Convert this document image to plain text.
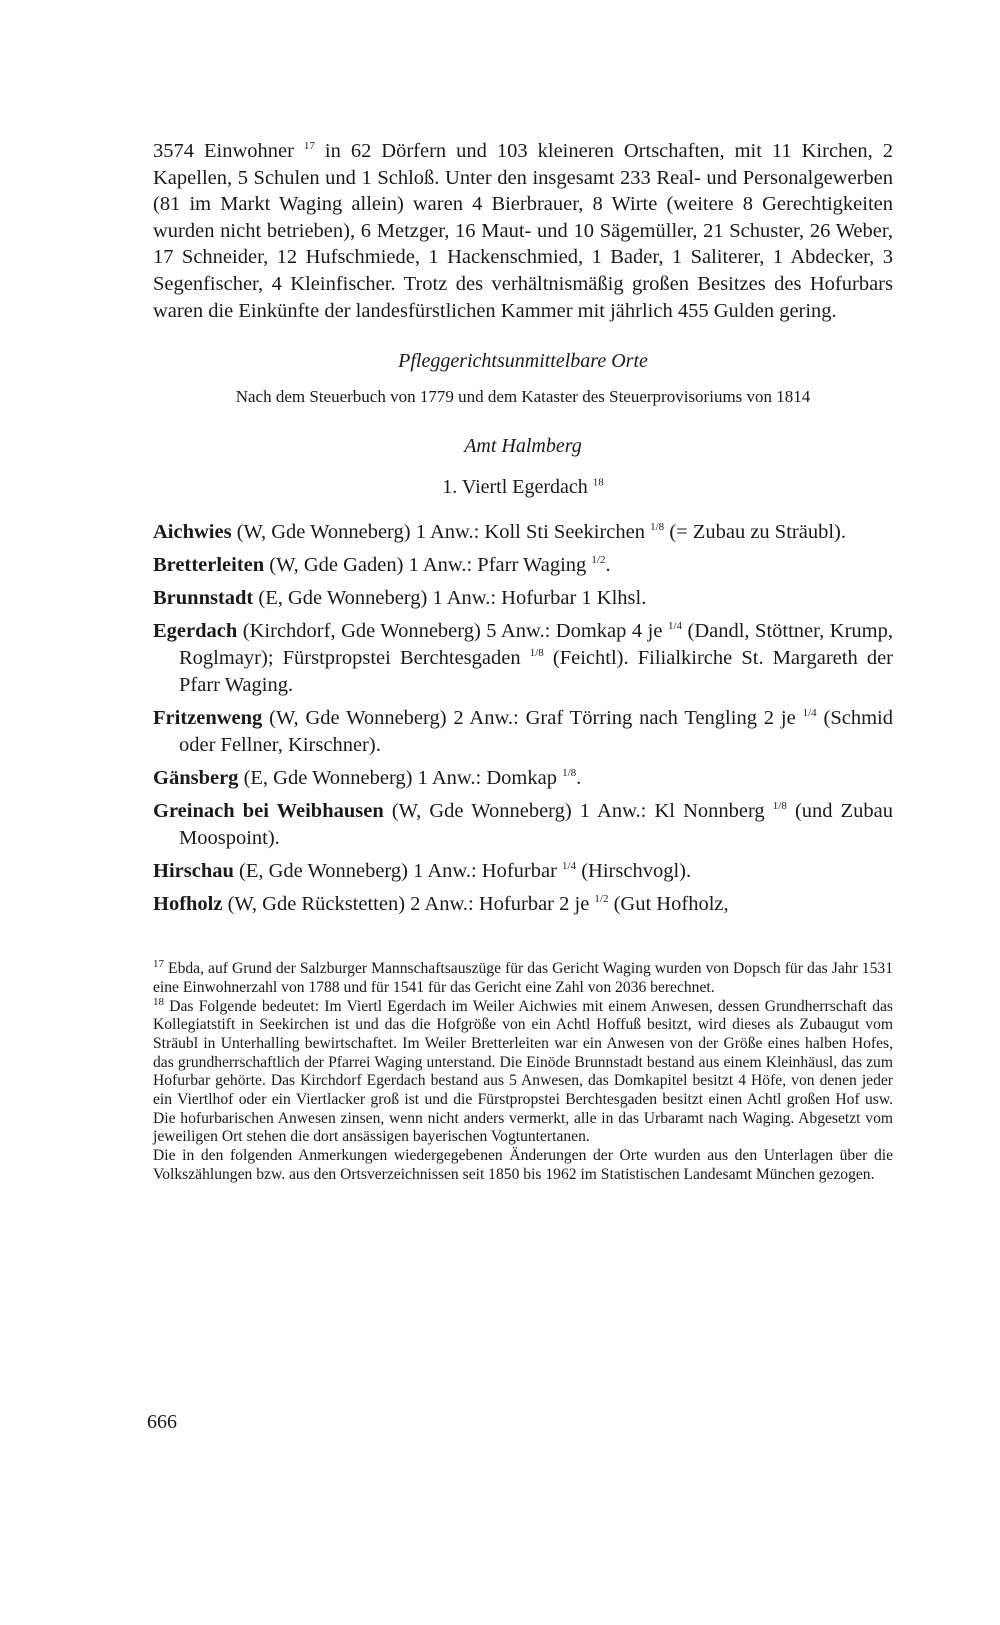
3574 Einwohner $^{17}$ in 62 Dörfern und 103 kleineren Ortschaften, mit 11 Kirchen, 2 Kapellen, 5 Schulen und 1 Schloß. Unter den insgesamt 233 Real- und Personalgewerben (81 im Markt Waging allein) waren 4 Bierbrauer, 8 Wirte (weitere 8 Gerechtigkeiten wurden nicht betrieben), 6 Metzger, 16 Maut- und 10 Sägemüller, 21 Schuster, 26 Weber, 17 Schneider, 12 Hufschmiede, 1 Hackenschmied, 1 Bader, 1 Saliterer, 1 Abdecker, 3 Segenfischer, 4 Kleinfischer. Trotz des verhältnismäßig großen Besitzes des Hofurbars waren die Einkünfte der landesfürstlichen Kammer mit jährlich 455 Gulden gering.

Pfleggerichtsunmittelbare Orte

Nach dem Steuerbuch von 1779 und dem Kataster des Steuerprovisoriums von 1814

Amt Halmberg

1. Viertl Egerdach $^{18}$

Aichwies (W, Gde Wonneberg) 1 Anw.: Koll Sti Seekirchen $^{1/8}$ (= Zubau zu Sträubl).

Bretterleiten (W, Gde Gaden) 1 Anw.: Pfarr Waging $^{1/2}$.

Brunnstadt (E, Gde Wonneberg) 1 Anw.: Hofurbar 1 Klhsl.

Egerdach (Kirchdorf, Gde Wonneberg) 5 Anw.: Domkap 4 je $^{1/4}$ (Dandl, Stöttner, Krump, Roglmayr); Fürstpropstei Berchtesgaden $^{1/8}$ (Feichtl). Filialkirche St. Margareth der Pfarr Waging.

Fritzenweng (W, Gde Wonneberg) 2 Anw.: Graf Törring nach Tengling 2 je $^{1/4}$ (Schmid oder Fellner, Kirschner).

Gänsberg (E, Gde Wonneberg) 1 Anw.: Domkap $^{1/8}$.

Greinach bei Weibhausen (W, Gde Wonneberg) 1 Anw.: Kl Nonnberg $^{1/8}$ (und Zubau Moospoint).

Hirschau (E, Gde Wonneberg) 1 Anw.: Hofurbar $^{1/4}$ (Hirschvogl).

Hofholz (W, Gde Rückstetten) 2 Anw.: Hofurbar 2 je $^{1/2}$ (Gut Hofholz,

$^{17}$ Ebda, auf Grund der Salzburger Mannschaftsauszüge für das Gericht Waging wurden von Dopsch für das Jahr 1531 eine Einwohnerzahl von 1788 und für 1541 für das Gericht eine Zahl von 2036 berechnet.

$^{18}$ Das Folgende bedeutet: Im Viertl Egerdach im Weiler Aichwies mit einem Anwesen, dessen Grundherrschaft das Kollegiatstift in Seekirchen ist und das die Hofgröße von ein Achtl Hoffuß besitzt, wird dieses als Zubaugut vom Sträubl in Unterhalling bewirtschaftet. Im Weiler Bretterleiten war ein Anwesen von der Größe eines halben Hofes, das grundherrschaftlich der Pfarrei Waging unterstand. Die Einöde Brunnstadt bestand aus einem Kleinhäusl, das zum Hofurbar gehörte. Das Kirchdorf Egerdach bestand aus 5 Anwesen, das Domkapitel besitzt 4 Höfe, von denen jeder ein Viertlhof oder ein Viertlacker groß ist und die Fürstpropstei Berchtesgaden besitzt einen Achtl großen Hof usw. Die hofurbarischen Anwesen zinsen, wenn nicht anders vermerkt, alle in das Urbaramt nach Waging. Abgesetzt vom jeweiligen Ort stehen die dort ansässigen bayerischen Vogtuntertanen.

Die in den folgenden Anmerkungen wiedergegebenen Änderungen der Orte wurden aus den Unterlagen über die Volkszählungen bzw. aus den Ortsverzeichnissen seit 1850 bis 1962 im Statistischen Landesamt München gezogen.

666
